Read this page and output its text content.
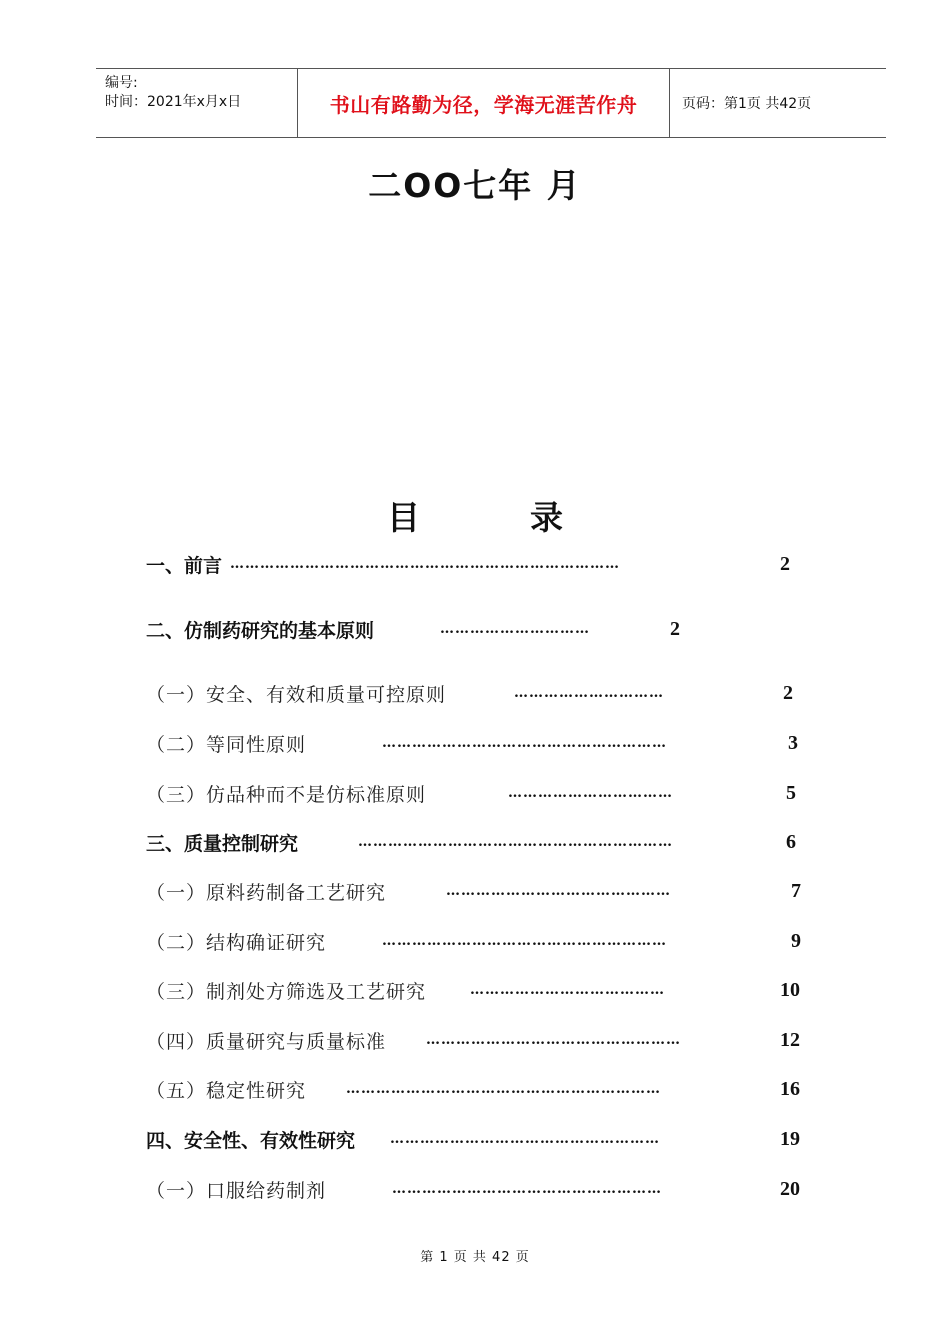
编号:
时间：2021年x月x日	书山有路勤为径，学海无涯苦作舟	页码：第1页 共42页
二OO七年 月
目	录
一、前言 ……………………………………………………………………	2
二、仿制药研究的基本原则	…………………………	2
（一）安全、有效和质量可控原则	…………………………	2
（二）等同性原则	…………………………………………………	3
（三）仿品种而不是仿标准原则	……………………………	5
三、质量控制研究	………………………………………………………	6
（一）原料药制备工艺研究	………………………………………	7
（二）结构确证研究	…………………………………………………	9
（三）制剂处方筛选及工艺研究	…………………………………	10
（四）质量研究与质量标准	……………………………………………	12
（五）稳定性研究	………………………………………………………	16
四、安全性、有效性研究 ………………………………………………	19
（一）口服给药制剂	………………………………………………	20
第 1 页 共 42 页
